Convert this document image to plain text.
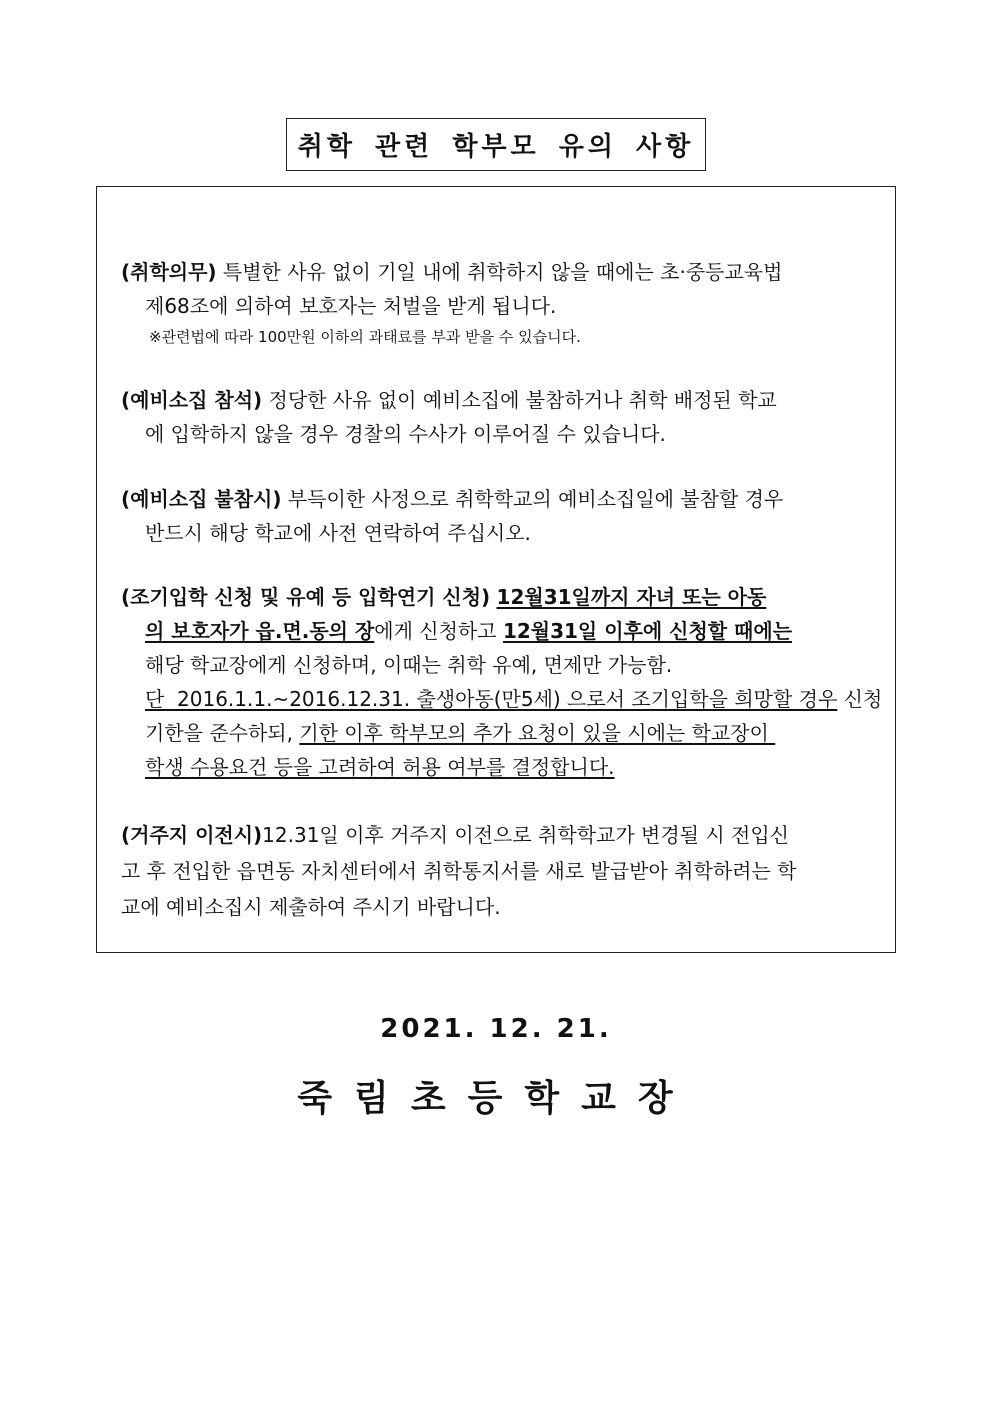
취학 관련 학부모 유의 사항
(취학의무) 특별한 사유 없이 기일 내에 취학하지 않을 때에는 초·중등교육법
제68조에 의하여 보호자는 처벌을 받게 됩니다.
※관련법에 따라 100만원 이하의 과태료를 부과 받을 수 있습니다.
(예비소집 참석) 정당한 사유 없이 예비소집에 불참하거나 취학 배정된 학교
에 입학하지 않을 경우 경찰의 수사가 이루어질 수 있습니다.
(예비소집 불참시) 부득이한 사정으로 취학학교의 예비소집일에 불참할 경우
반드시 해당 학교에 사전 연락하여 주십시오.
(조기입학 신청 및 유예 등 입학연기 신청)
12월31일까지 자녀 또는 아동
의 보호자가 읍.면.동의 장 에게 신청하고 12월31일 이후에 신청할 때에는
해당 학교장에게 신청하며, 이때는 취학 유예, 면제만 가능함.
단  2016.1.1.~2016.12.31. 출생아동(만5세) 으로서 조기입학을 희망할 경우 신청
기한을 준수하되, 기한 이후 학부모의 추가 요청이 있을 시에는 학교장이
학생 수용요건 등을 고려하여 허용 여부를 결정합니다.
(거주지 이전시)12.31일 이후 거주지 이전으로 취학학교가 변경될 시 전입신
고 후 전입한 읍면동 자치센터에서 취학통지서를 새로 발급받아 취학하려는 학
교에 예비소집시 제출하여 주시기 바랍니다.
2021. 12. 21.
죽림초등학교장
